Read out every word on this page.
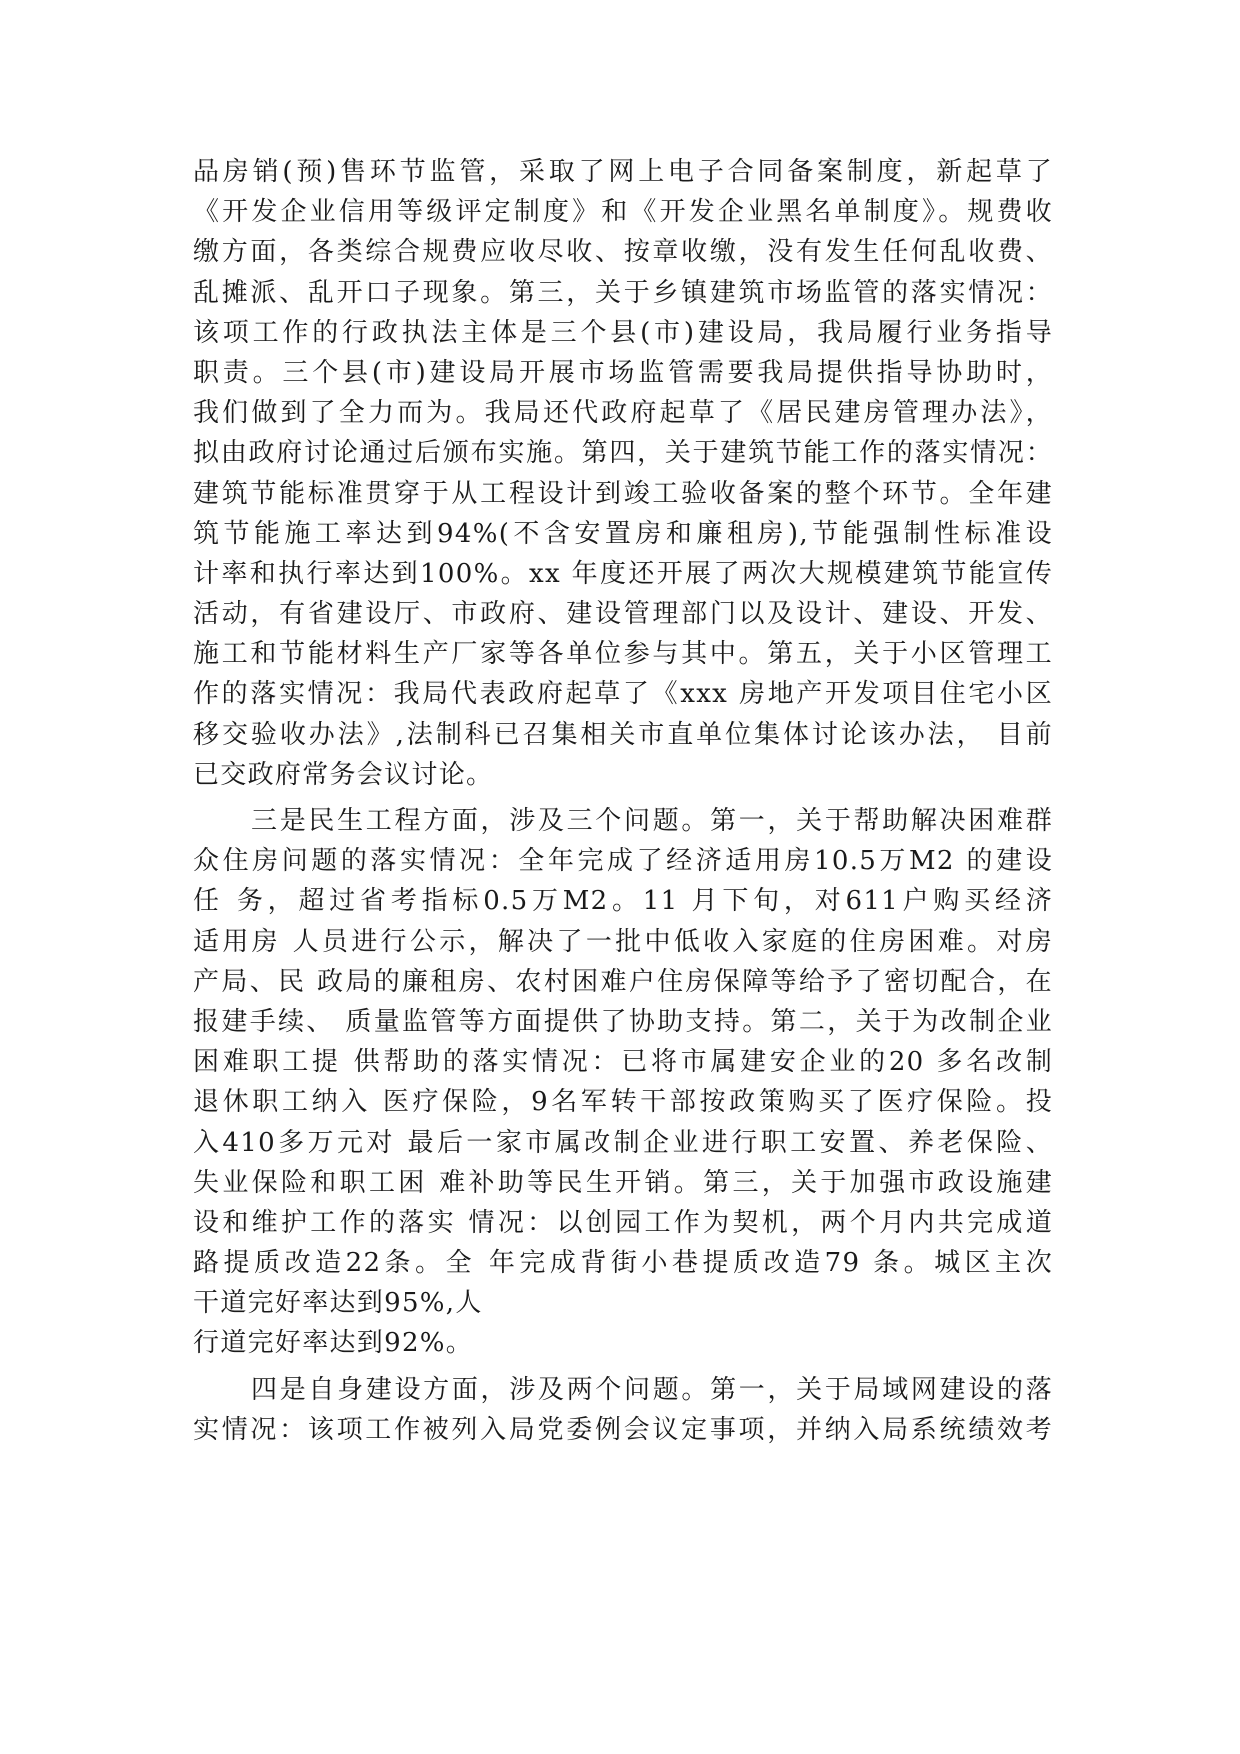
品房销(预)售环节监管，采取了网上电子合同备案制度，新起草了
《开发企业信用等级评定制度》和《开发企业黑名单制度》。规费收
缴方面，各类综合规费应收尽收、按章收缴，没有发生任何乱收费、
乱摊派、乱开口子现象。第三，关于乡镇建筑市场监管的落实情况：
该项工作的行政执法主体是三个县(市)建设局，我局履行业务指导
职责。三个县(市)建设局开展市场监管需要我局提供指导协助时，
我们做到了全力而为。我局还代政府起草了《居民建房管理办法》，
拟由政府讨论通过后颁布实施。第四，关于建筑节能工作的落实情况：
建筑节能标准贯穿于从工程设计到竣工验收备案的整个环节。全年建
筑节能施工率达到94%(不含安置房和廉租房),节能强制性标准设
计率和执行率达到100%。xx 年度还开展了两次大规模建筑节能宣传
活动，有省建设厅、市政府、建设管理部门以及设计、建设、开发、
施工和节能材料生产厂家等各单位参与其中。第五，关于小区管理工
作的落实情况：我局代表政府起草了《xxx 房地产开发项目住宅小区
移交验收办法》,法制科已召集相关市直单位集体讨论该办法， 目前
已交政府常务会议讨论。
三是民生工程方面，涉及三个问题。第一，关于帮助解决困难群
众住房问题的落实情况：全年完成了经济适用房10.5万M2 的建设
任 务，超过省考指标0.5万M2。11 月下旬，对611户购买经济
适用房 人员进行公示，解决了一批中低收入家庭的住房困难。对房
产局、民 政局的廉租房、农村困难户住房保障等给予了密切配合，在
报建手续、 质量监管等方面提供了协助支持。第二，关于为改制企业
困难职工提 供帮助的落实情况：已将市属建安企业的20 多名改制
退休职工纳入 医疗保险，9名军转干部按政策购买了医疗保险。投
入410多万元对 最后一家市属改制企业进行职工安置、养老保险、
失业保险和职工困 难补助等民生开销。第三，关于加强市政设施建
设和维护工作的落实 情况：以创园工作为契机，两个月内共完成道
路提质改造22条。全 年完成背街小巷提质改造79 条。城区主次
干道完好率达到95%,人
行道完好率达到92%。
四是自身建设方面，涉及两个问题。第一，关于局域网建设的落
实情况：该项工作被列入局党委例会议定事项，并纳入局系统绩效考
